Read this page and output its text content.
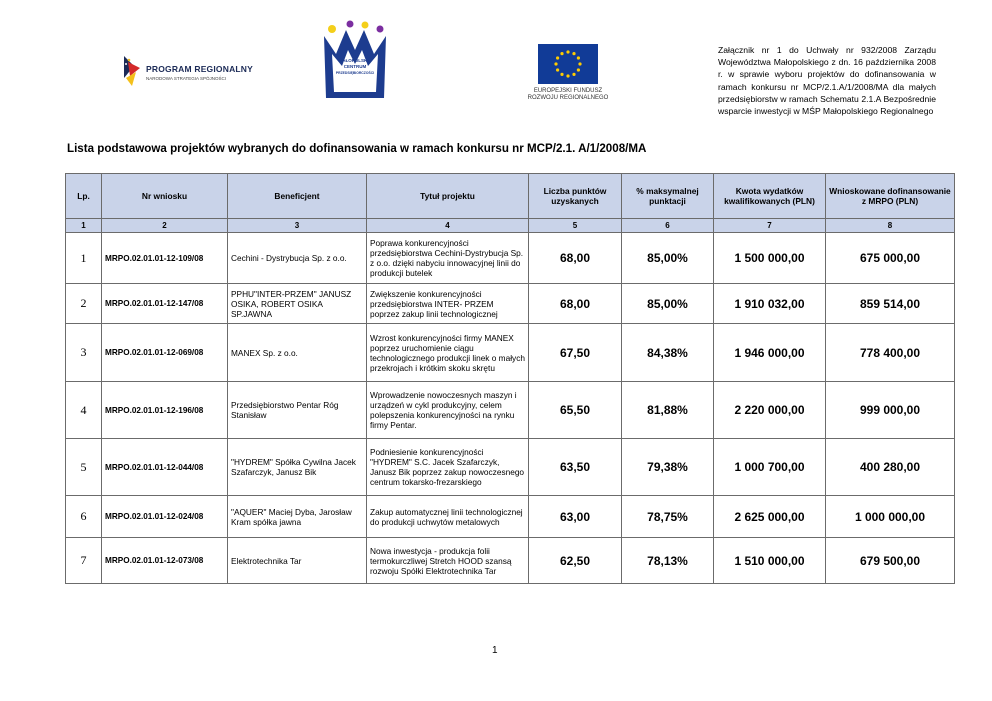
PROGRAM REGIONALNY
NARODOWA STRATEGIA SPÓJNOŚCI
MAŁOPOLSKIE
CENTRUM
PRZEDSIĘBIORCZOŚCI
EUROPEJSKI FUNDUSZ
ROZWOJU REGIONALNEGO
Załącznik nr 1 do Uchwały nr 932/2008 Zarządu Województwa Małopolskiego z dn. 16 października 2008 r. w sprawie wyboru projektów do dofinansowania w ramach konkursu nr MCP/2.1.A/1/2008/MA dla małych przedsiębiorstw w ramach Schematu 2.1.A Bezpośrednie wsparcie inwestycji w MŚP Małopolskiego Regionalnego
Lista podstawowa projektów wybranych do dofinansowania w ramach konkursu nr MCP/2.1. A/1/2008/MA
Lp.	Nr wniosku	Beneficjent	Tytuł projektu	Liczba punktów uzyskanych	% maksymalnej punktacji	Kwota wydatków kwalifikowanych (PLN)	Wnioskowane dofinansowanie z MRPO (PLN)
1	2	3	4	5	6	7	8
1	MRPO.02.01.01-12-109/08	Cechini - Dystrybucja Sp. z o.o.	Poprawa konkurencyjności przedsiębiorstwa Cechini-Dystrybucja Sp. z o.o. dzięki nabyciu innowacyjnej linii do produkcji butelek	68,00	85,00%	1 500 000,00	675 000,00
2	MRPO.02.01.01-12-147/08	PPHU"INTER-PRZEM" JANUSZ OSIKA, ROBERT OSIKA SP.JAWNA	Zwiększenie konkurencyjności przedsiębiorstwa INTER- PRZEM poprzez zakup linii technologicznej	68,00	85,00%	1 910 032,00	859 514,00
3	MRPO.02.01.01-12-069/08	MANEX Sp. z o.o.	Wzrost konkurencyjności firmy MANEX poprzez uruchomienie ciągu technologicznego produkcji linek o małych przekrojach i krótkim skoku skrętu	67,50	84,38%	1 946 000,00	778 400,00
4	MRPO.02.01.01-12-196/08	Przedsiębiorstwo Pentar Róg Stanisław	Wprowadzenie nowoczesnych maszyn i urządzeń w cykl produkcyjny, celem polepszenia konkurencyjności na rynku firmy Pentar.	65,50	81,88%	2 220 000,00	999 000,00
5	MRPO.02.01.01-12-044/08	"HYDREM" Spółka Cywilna Jacek Szafarczyk, Janusz Bik	Podniesienie konkurencyjności "HYDREM" S.C. Jacek Szafarczyk, Janusz Bik poprzez zakup nowoczesnego centrum tokarsko-frezarskiego	63,50	79,38%	1 000 700,00	400 280,00
6	MRPO.02.01.01-12-024/08	"AQUER" Maciej Dyba, Jarosław Kram spółka jawna	Zakup automatycznej linii technologicznej do produkcji uchwytów metalowych	63,00	78,75%	2 625 000,00	1 000 000,00
7	MRPO.02.01.01-12-073/08	Elektrotechnika Tar	Nowa inwestycja - produkcja folii termokurczliwej Stretch HOOD szansą rozwoju Spółki Elektrotechnika Tar	62,50	78,13%	1 510 000,00	679 500,00
1
